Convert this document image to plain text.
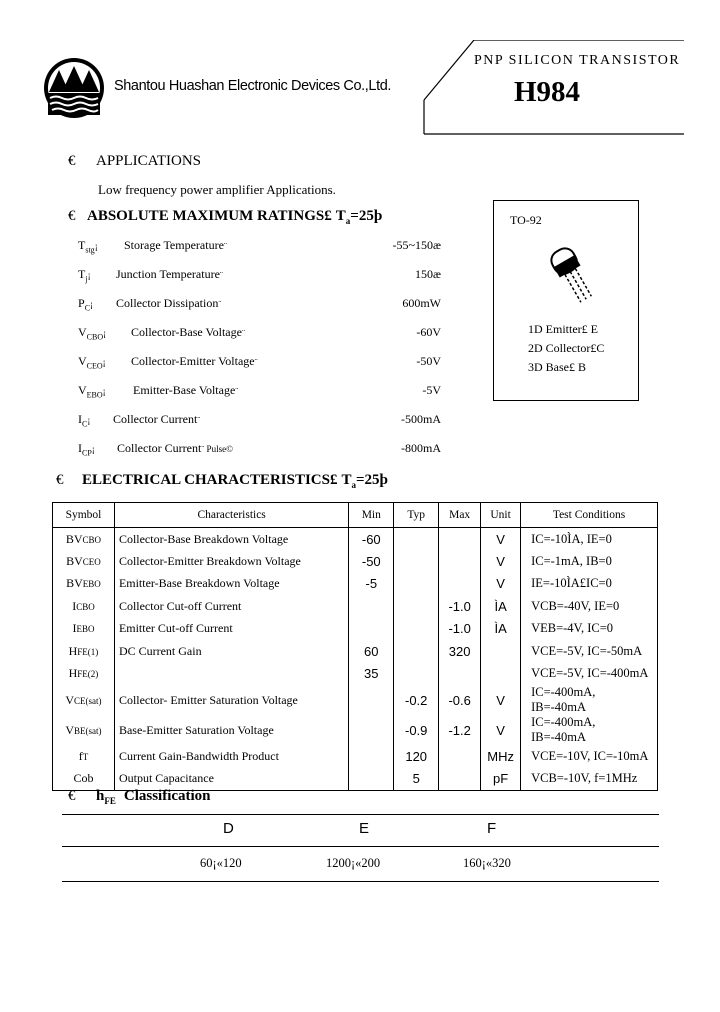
Shantou Huashan Electronic Devices Co.,Ltd.
PNP SILICON TRANSISTOR
H984
€ APPLICATIONS
Low frequency power amplifier Applications.
€ ABSOLUTE MAXIMUM RATINGS£ $T_a=25þ$
$T_{stg}¡$ Storage Temperature¨	-55~150æ
$T_j¡$ Junction Temperature¨	150æ
$P_C¡$ Collector Dissipation¨	600mW
$V_{CBO}¡$ Collector-Base Voltage¨	-60V
$V_{CEO}¡$ Collector-Emitter Voltage¨	-50V
$V_{EBO}¡$ Emitter-Base Voltage¨	-5V
$I_C¡$ Collector Current¨	-500mA
$I_{CP}¡$ Collector Current¨ Pulse©	-800mA
TO-92
1D Emitter£ E
2D Collector£C
3D Base£ B
€ ELECTRICAL CHARACTERISTICS£ $T_a=25þ$
Symbol	Characteristics	Min	Typ	Max	Unit	Test Conditions
BVCBO	Collector-Base Breakdown Voltage	-60			V	IC=-10ÌA, IE=0
BVCEO	Collector-Emitter Breakdown Voltage	-50			V	IC=-1mA, IB=0
BVEBO	Emitter-Base Breakdown Voltage	-5			V	IE=-10ÌA£IC=0
ICBO	Collector Cut-off Current			-1.0	ÌA	VCB=-40V, IE=0
IEBO	Emitter Cut-off Current			-1.0	ÌA	VEB=-4V, IC=0
HFE(1)	DC Current Gain	60		320		VCE=-5V, IC=-50mA
HFE(2)		35				VCE=-5V, IC=-400mA
VCE(sat)	Collector- Emitter Saturation Voltage		-0.2	-0.6	V	IC=-400mA, IB=-40mA
VBE(sat)	Base-Emitter Saturation Voltage		-0.9	-1.2	V	IC=-400mA, IB=-40mA
fT	Current Gain-Bandwidth Product		120		MHz	VCE=-10V, IC=-10mA
Cob	Output Capacitance		5		pF	VCB=-10V, f=1MHz
€ $h_{FE}$ Classification
D	E	F
60¡«120	1200¡«200	160¡«320
